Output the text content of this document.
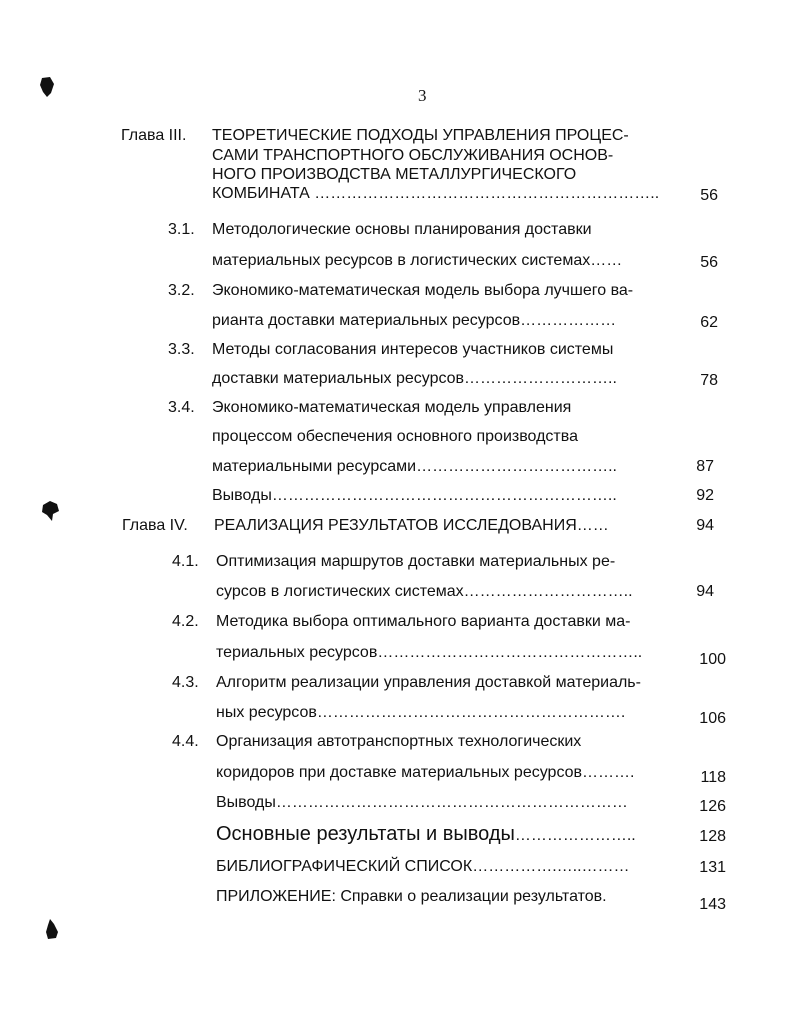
3
Глава III. ТЕОРЕТИЧЕСКИЕ ПОДХОДЫ УПРАВЛЕНИЯ ПРОЦЕС-
САМИ ТРАНСПОРТНОГО ОБСЛУЖИВАНИЯ ОСНОВ-
НОГО ПРОИЗВОДСТВА МЕТАЛЛУРГИЧЕСКОГО
КОМБИНАТА ………………………………………………………..	56
3.1. Методологические основы планирования доставки
материальных ресурсов в логистических системах……	56
3.2. Экономико-математическая модель выбора лучшего ва-
рианта доставки материальных ресурсов………………	62
3.3. Методы согласования интересов участников системы
доставки материальных ресурсов………………………..	78
3.4. Экономико-математическая модель управления
процессом обеспечения основного производства
материальными ресурсами………………………………..	87
Выводы………………………………………………………..	92
Глава IV. РЕАЛИЗАЦИЯ РЕЗУЛЬТАТОВ ИССЛЕДОВАНИЯ……	94
4.1. Оптимизация маршрутов доставки материальных ре-
сурсов в логистических системах…………………………..	94
4.2. Методика выбора оптимального варианта доставки ма-
териальных ресурсов…………………………………………..	100
4.3. Алгоритм реализации управления доставкой материаль-
ных ресурсов………………………………………………….	106
4.4. Организация автотранспортных технологических
коридоров при доставке материальных ресурсов……….	118
Выводы…………………………………………………………	126
Основные результаты и выводы…………………..	128
БИБЛИОГРАФИЧЕСКИЙ СПИСОК…………….…..………	131
ПРИЛОЖЕНИЕ: Справки о реализации результатов.	143
